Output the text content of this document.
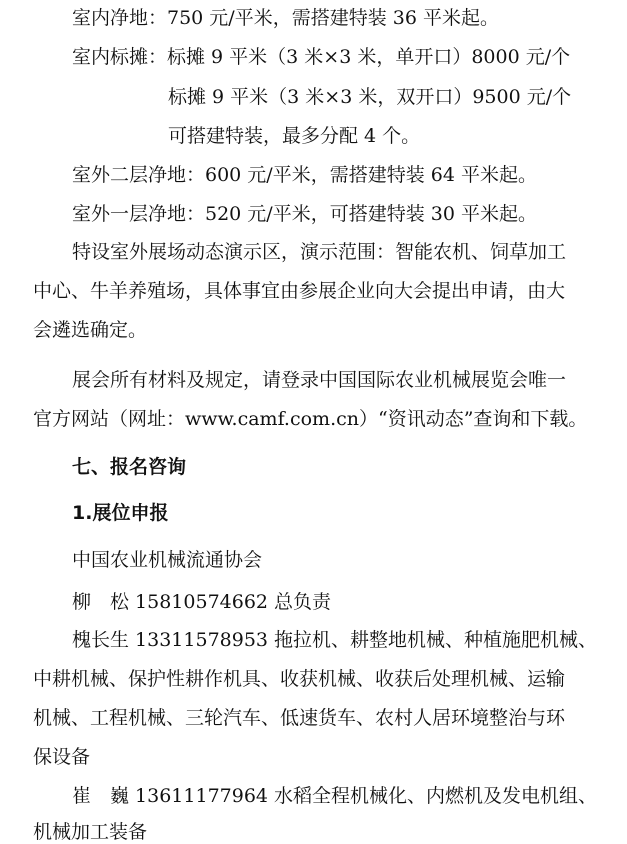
室内净地：750 元/平米，需搭建特装 36 平米起。
室内标摊：标摊 9 平米（3 米×3 米，单开口）8000 元/个
标摊 9 平米（3 米×3 米，双开口）9500 元/个
可搭建特装，最多分配 4 个。
室外二层净地：600 元/平米，需搭建特装 64 平米起。
室外一层净地：520 元/平米，可搭建特装 30 平米起。
特设室外展场动态演示区，演示范围：智能农机、饲草加工
中心、牛羊养殖场，具体事宜由参展企业向大会提出申请，由大
会遴选确定。
展会所有材料及规定，请登录中国国际农业机械展览会唯一
官方网站（网址：www.camf.com.cn）“资讯动态”查询和下载。
七、报名咨询
1.展位申报
中国农业机械流通协会
柳　松 15810574662 总负责
槐长生 13311578953 拖拉机、耕整地机械、种植施肥机械、
中耕机械、保护性耕作机具、收获机械、收获后处理机械、运输
机械、工程机械、三轮汽车、低速货车、农村人居环境整治与环
保设备
崔　巍 13611177964 水稻全程机械化、内燃机及发电机组、
机械加工装备
